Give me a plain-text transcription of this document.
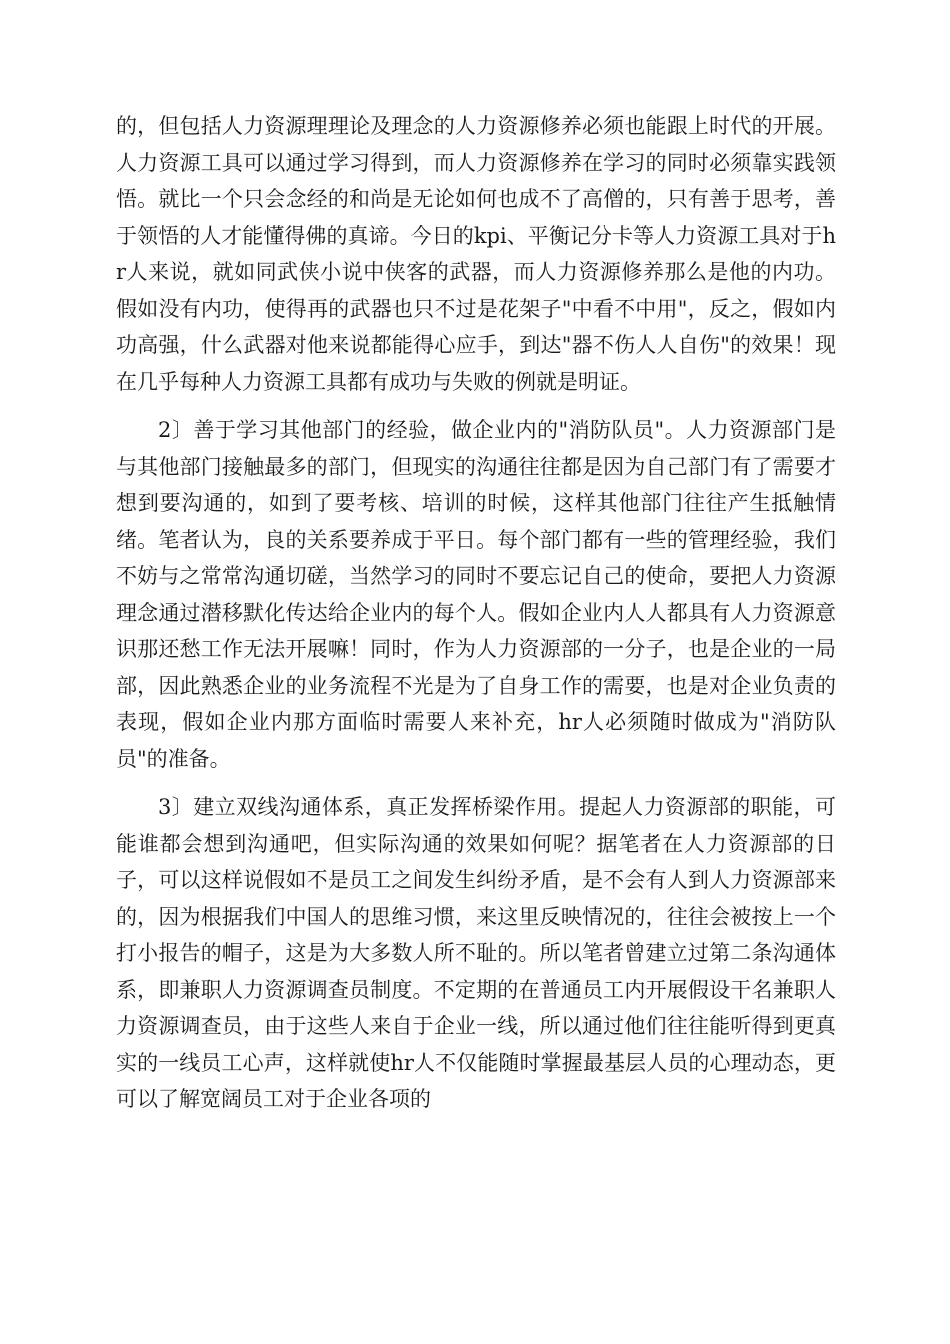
的，但包括人力资源理理论及理念的人力资源修养必须也能跟上时代的开展。人力资源工具可以通过学习得到，而人力资源修养在学习的同时必须靠实践领悟。就比一个只会念经的和尚是无论如何也成不了高僧的，只有善于思考，善于领悟的人才能懂得佛的真谛。今日的kpi、平衡记分卡等人力资源工具对于hr人来说，就如同武侠小说中侠客的武器，而人力资源修养那么是他的内功。假如没有内功，使得再的武器也只不过是花架子"中看不中用"，反之，假如内功高强，什么武器对他来说都能得心应手，到达"器不伤人人自伤"的效果！现在几乎每种人力资源工具都有成功与失败的例就是明证。

2〕善于学习其他部门的经验，做企业内的"消防队员"。人力资源部门是与其他部门接触最多的部门，但现实的沟通往往都是因为自己部门有了需要才想到要沟通的，如到了要考核、培训的时候，这样其他部门往往产生抵触情绪。笔者认为，良的关系要养成于平日。每个部门都有一些的管理经验，我们不妨与之常常沟通切磋，当然学习的同时不要忘记自己的使命，要把人力资源理念通过潜移默化传达给企业内的每个人。假如企业内人人都具有人力资源意识那还愁工作无法开展嘛！同时，作为人力资源部的一分子，也是企业的一局部，因此熟悉企业的业务流程不光是为了自身工作的需要，也是对企业负责的表现，假如企业内那方面临时需要人来补充，hr人必须随时做成为"消防队员"的准备。

3〕建立双线沟通体系，真正发挥桥梁作用。提起人力资源部的职能，可能谁都会想到沟通吧，但实际沟通的效果如何呢？据笔者在人力资源部的日子，可以这样说假如不是员工之间发生纠纷矛盾，是不会有人到人力资源部来的，因为根据我们中国人的思维习惯，来这里反映情况的，往往会被按上一个打小报告的帽子，这是为大多数人所不耻的。所以笔者曾建立过第二条沟通体系，即兼职人力资源调查员制度。不定期的在普通员工内开展假设干名兼职人力资源调查员，由于这些人来自于企业一线，所以通过他们往往能听得到更真实的一线员工心声，这样就使hr人不仅能随时掌握最基层人员的心理动态，更可以了解宽阔员工对于企业各项的
